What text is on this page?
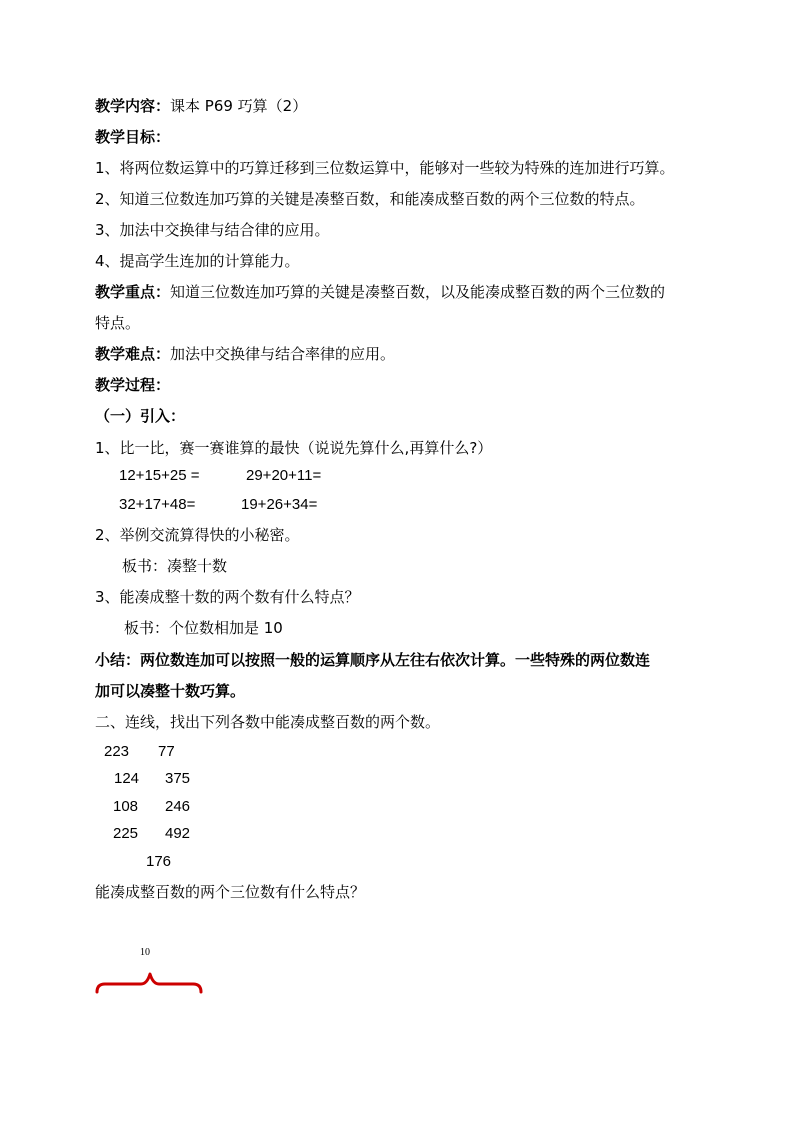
教学内容：课本 P69 巧算（2）
教学目标：
1、将两位数运算中的巧算迁移到三位数运算中，能够对一些较为特殊的连加进行巧算。
2、知道三位数连加巧算的关键是凑整百数，和能凑成整百数的两个三位数的特点。
3、加法中交换律与结合律的应用。
4、提高学生连加的计算能力。
教学重点：知道三位数连加巧算的关键是凑整百数，以及能凑成整百数的两个三位数的
特点。
教学难点：加法中交换律与结合率律的应用。
教学过程：
（一）引入：
1、比一比，赛一赛谁算的最快（说说先算什么,再算什么?）
12+15+25 =	29+20+11=
32+17+48=	19+26+34=
2、举例交流算得快的小秘密。
板书：凑整十数
3、能凑成整十数的两个数有什么特点？
板书：个位数相加是 10
小结：两位数连加可以按照一般的运算顺序从左往右依次计算。一些特殊的两位数连
加可以凑整十数巧算。
二、连线，找出下列各数中能凑成整百数的两个数。
223 77
124 375
108 246
225 492
176
能凑成整百数的两个三位数有什么特点？
10
